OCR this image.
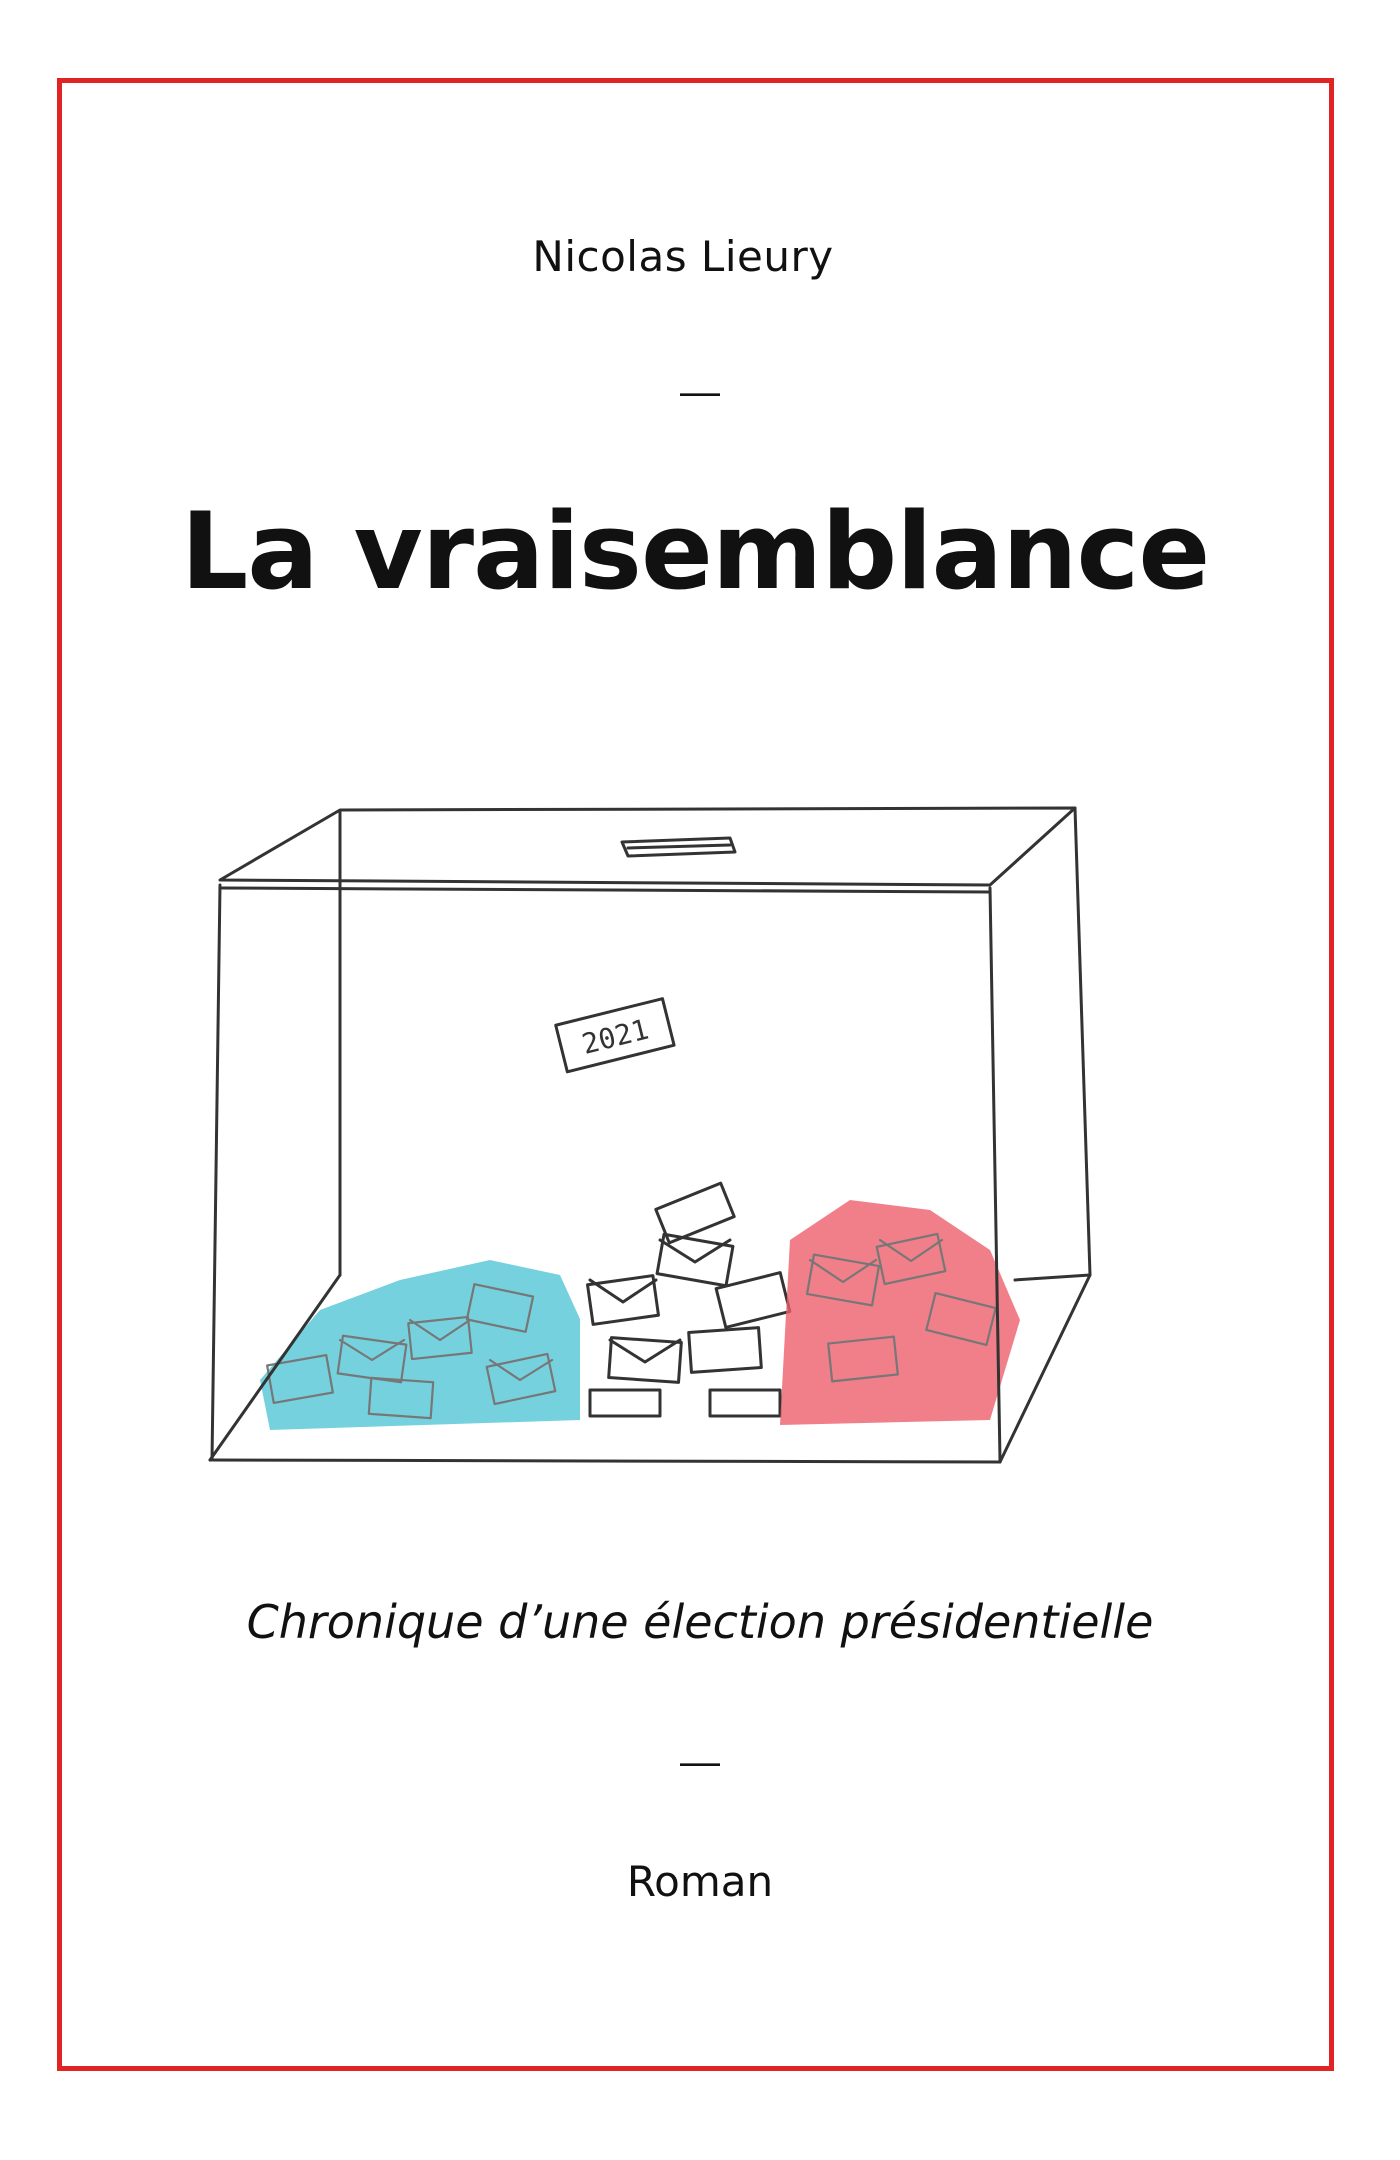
Nicolas Lieury
—
La vraisemblance
2021
Chronique d’une élection présidentielle
—
Roman
